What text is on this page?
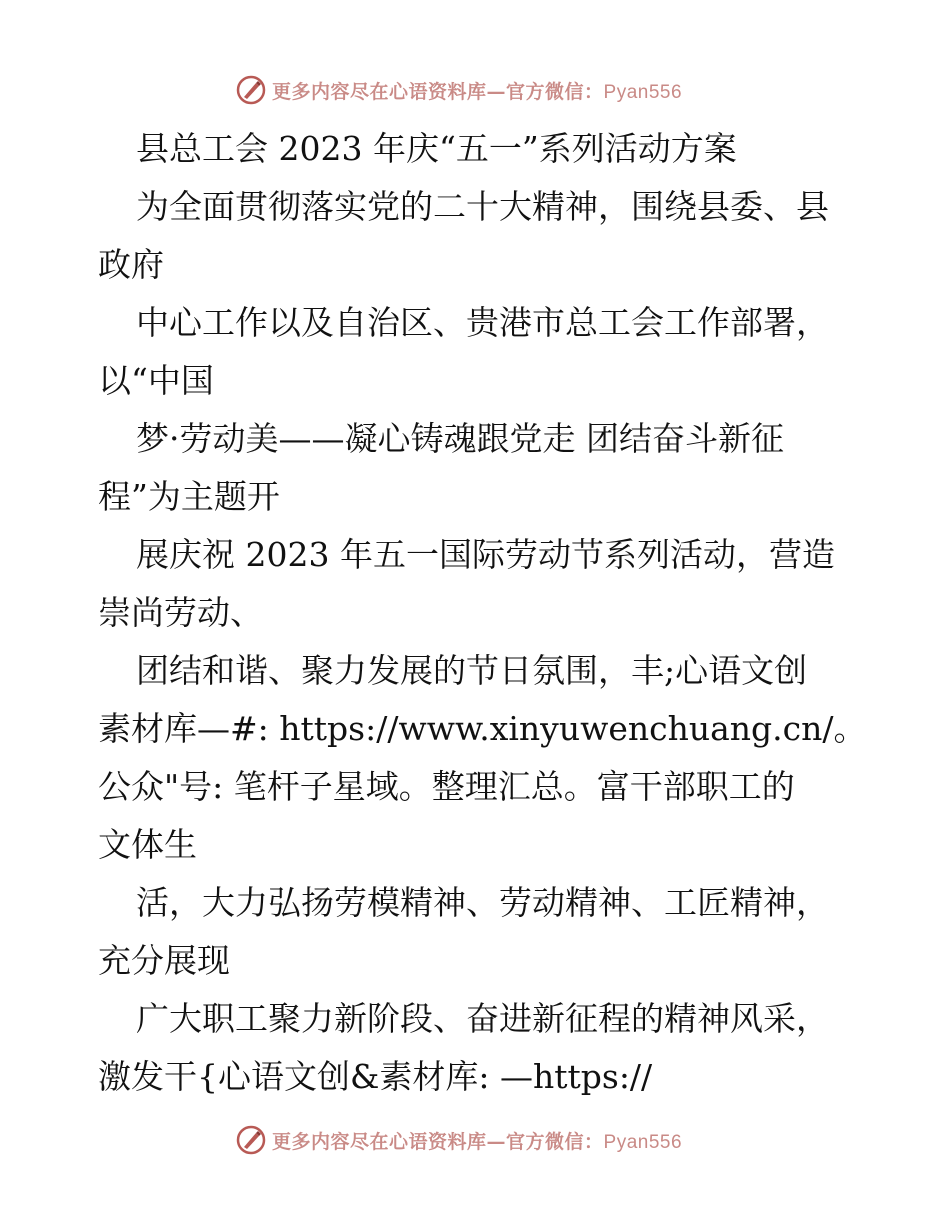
更多内容尽在心语资料库—官方微信：Pyan556
县总工会 2023 年庆“五一”系列活动方案
为全面贯彻落实党的二十大精神，围绕县委、县
政府
中心工作以及自治区、贵港市总工会工作部署，
以“中国
梦·劳动美——凝心铸魂跟党走 团结奋斗新征
程”为主题开
展庆祝 2023 年五一国际劳动节系列活动，营造
崇尚劳动、
团结和谐、聚力发展的节日氛围，丰;心语文创
素材库—#: https://www.xinyuwenchuang.cn/。
公众"号: 笔杆子星域。整理汇总。富干部职工的
文体生
活，大力弘扬劳模精神、劳动精神、工匠精神，
充分展现
广大职工聚力新阶段、奋进新征程的精神风采，
激发干{心语文创&素材库: —https://
更多内容尽在心语资料库—官方微信：Pyan556
